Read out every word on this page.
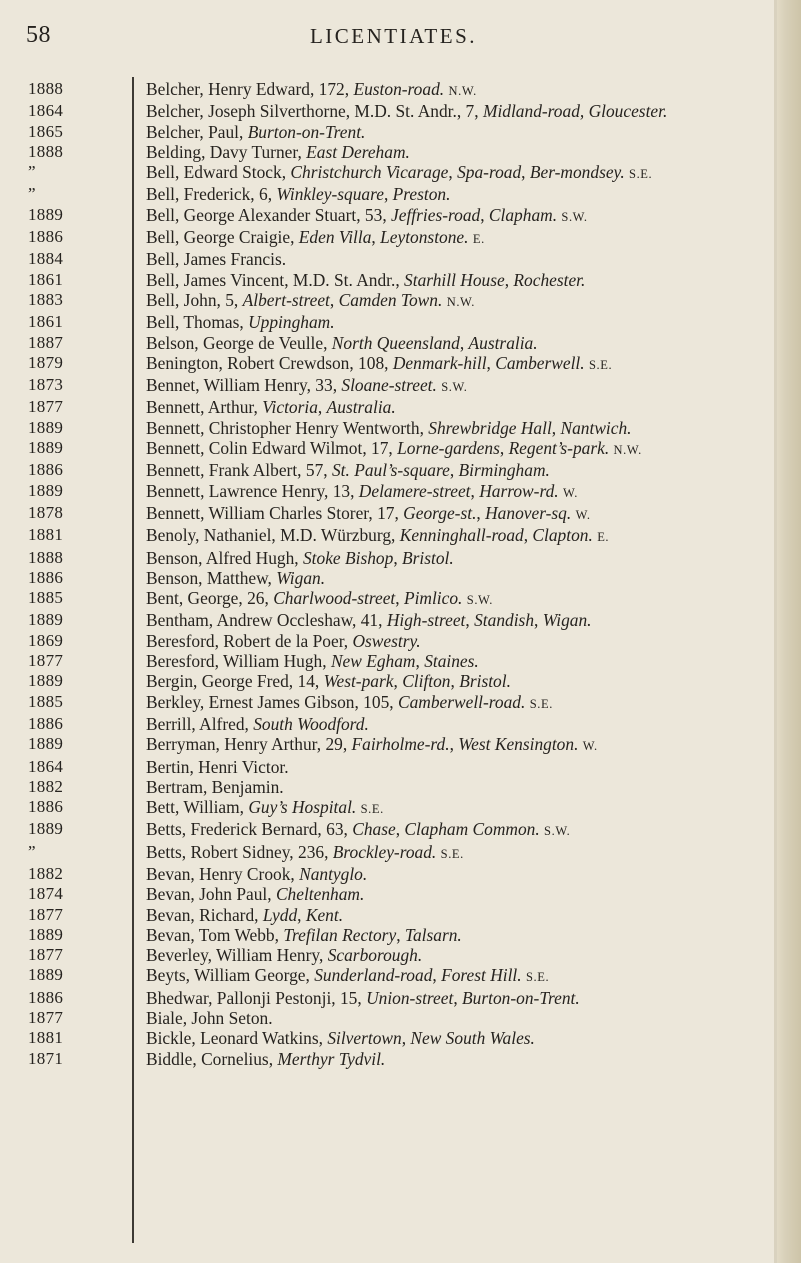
58	LICENTIATES.
1888	Belcher, Henry Edward, 172, Euston-road. N.W.
1864	Belcher, Joseph Silverthorne, M.D. St. Andr., 7, Midland-road, Gloucester.
1865	Belcher, Paul, Burton-on-Trent.
1888	Belding, Davy Turner, East Dereham.
”	Bell, Edward Stock, Christchurch Vicarage, Spa-road, Ber-mondsey. S.E.
”	Bell, Frederick, 6, Winkley-square, Preston.
1889	Bell, George Alexander Stuart, 53, Jeffries-road, Clapham. S.W.
1886	Bell, George Craigie, Eden Villa, Leytonstone. E.
1884	Bell, James Francis.
1861	Bell, James Vincent, M.D. St. Andr., Starhill House, Rochester.
1883	Bell, John, 5, Albert-street, Camden Town. N.W.
1861	Bell, Thomas, Uppingham.
1887	Belson, George de Veulle, North Queensland, Australia.
1879	Benington, Robert Crewdson, 108, Denmark-hill, Camberwell. S.E.
1873	Bennet, William Henry, 33, Sloane-street. S.W.
1877	Bennett, Arthur, Victoria, Australia.
1889	Bennett, Christopher Henry Wentworth, Shrewbridge Hall, Nantwich.
1889	Bennett, Colin Edward Wilmot, 17, Lorne-gardens, Regent’s-park. N.W.
1886	Bennett, Frank Albert, 57, St. Paul’s-square, Birmingham.
1889	Bennett, Lawrence Henry, 13, Delamere-street, Harrow-rd. W.
1878	Bennett, William Charles Storer, 17, George-st., Hanover-sq. W.
1881	Benoly, Nathaniel, M.D. Würzburg, Kenninghall-road, Clapton. E.
1888	Benson, Alfred Hugh, Stoke Bishop, Bristol.
1886	Benson, Matthew, Wigan.
1885	Bent, George, 26, Charlwood-street, Pimlico. S.W.
1889	Bentham, Andrew Occleshaw, 41, High-street, Standish, Wigan.
1869	Beresford, Robert de la Poer, Oswestry.
1877	Beresford, William Hugh, New Egham, Staines.
1889	Bergin, George Fred, 14, West-park, Clifton, Bristol.
1885	Berkley, Ernest James Gibson, 105, Camberwell-road. S.E.
1886	Berrill, Alfred, South Woodford.
1889	Berryman, Henry Arthur, 29, Fairholme-rd., West Kensington. W.
1864	Bertin, Henri Victor.
1882	Bertram, Benjamin.
1886	Bett, William, Guy’s Hospital. S.E.
1889	Betts, Frederick Bernard, 63, Chase, Clapham Common. S.W.
”	Betts, Robert Sidney, 236, Brockley-road. S.E.
1882	Bevan, Henry Crook, Nantyglo.
1874	Bevan, John Paul, Cheltenham.
1877	Bevan, Richard, Lydd, Kent.
1889	Bevan, Tom Webb, Trefilan Rectory, Talsarn.
1877	Beverley, William Henry, Scarborough.
1889	Beyts, William George, Sunderland-road, Forest Hill. S.E.
1886	Bhedwar, Pallonji Pestonji, 15, Union-street, Burton-on-Trent.
1877	Biale, John Seton.
1881	Bickle, Leonard Watkins, Silvertown, New South Wales.
1871	Biddle, Cornelius, Merthyr Tydvil.
